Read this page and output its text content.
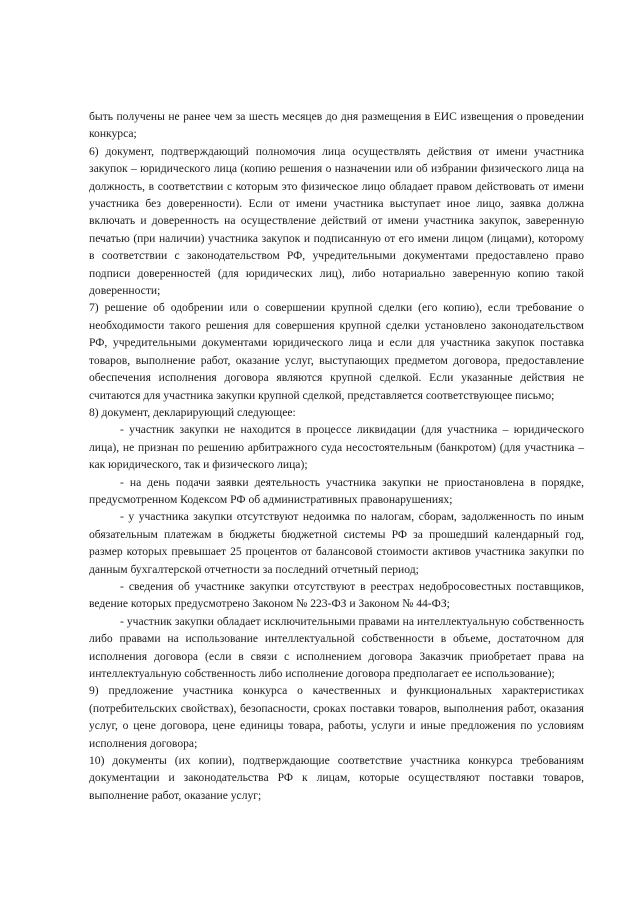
быть получены не ранее чем за шесть месяцев до дня размещения в ЕИС извещения о проведении конкурса;

6) документ, подтверждающий полномочия лица осуществлять действия от имени участника закупок – юридического лица (копию решения о назначении или об избрании физического лица на должность, в соответствии с которым это физическое лицо обладает правом действовать от имени участника без доверенности). Если от имени участника выступает иное лицо, заявка должна включать и доверенность на осуществление действий от имени участника закупок, заверенную печатью (при наличии) участника закупок и подписанную от его имени лицом (лицами), которому в соответствии с законодательством РФ, учредительными документами предоставлено право подписи доверенностей (для юридических лиц), либо нотариально заверенную копию такой доверенности;

7) решение об одобрении или о совершении крупной сделки (его копию), если требование о необходимости такого решения для совершения крупной сделки установлено законодательством РФ, учредительными документами юридического лица и если для участника закупок поставка товаров, выполнение работ, оказание услуг, выступающих предметом договора, предоставление обеспечения исполнения договора являются крупной сделкой. Если указанные действия не считаются для участника закупки крупной сделкой, представляется соответствующее письмо;

8) документ, декларирующий следующее:

- участник закупки не находится в процессе ликвидации (для участника – юридического лица), не признан по решению арбитражного суда несостоятельным (банкротом) (для участника – как юридического, так и физического лица);

- на день подачи заявки деятельность участника закупки не приостановлена в порядке, предусмотренном Кодексом РФ об административных правонарушениях;

- у участника закупки отсутствуют недоимка по налогам, сборам, задолженность по иным обязательным платежам в бюджеты бюджетной системы РФ за прошедший календарный год, размер которых превышает 25 процентов от балансовой стоимости активов участника закупки по данным бухгалтерской отчетности за последний отчетный период;

- сведения об участнике закупки отсутствуют в реестрах недобросовестных поставщиков, ведение которых предусмотрено Законом № 223-ФЗ и Законом № 44-ФЗ;

- участник закупки обладает исключительными правами на интеллектуальную собственность либо правами на использование интеллектуальной собственности в объеме, достаточном для исполнения договора (если в связи с исполнением договора Заказчик приобретает права на интеллектуальную собственность либо исполнение договора предполагает ее использование);

9) предложение участника конкурса о качественных и функциональных характеристиках (потребительских свойствах), безопасности, сроках поставки товаров, выполнения работ, оказания услуг, о цене договора, цене единицы товара, работы, услуги и иные предложения по условиям исполнения договора;

10) документы (их копии), подтверждающие соответствие участника конкурса требованиям документации и законодательства РФ к лицам, которые осуществляют поставки товаров, выполнение работ, оказание услуг;
